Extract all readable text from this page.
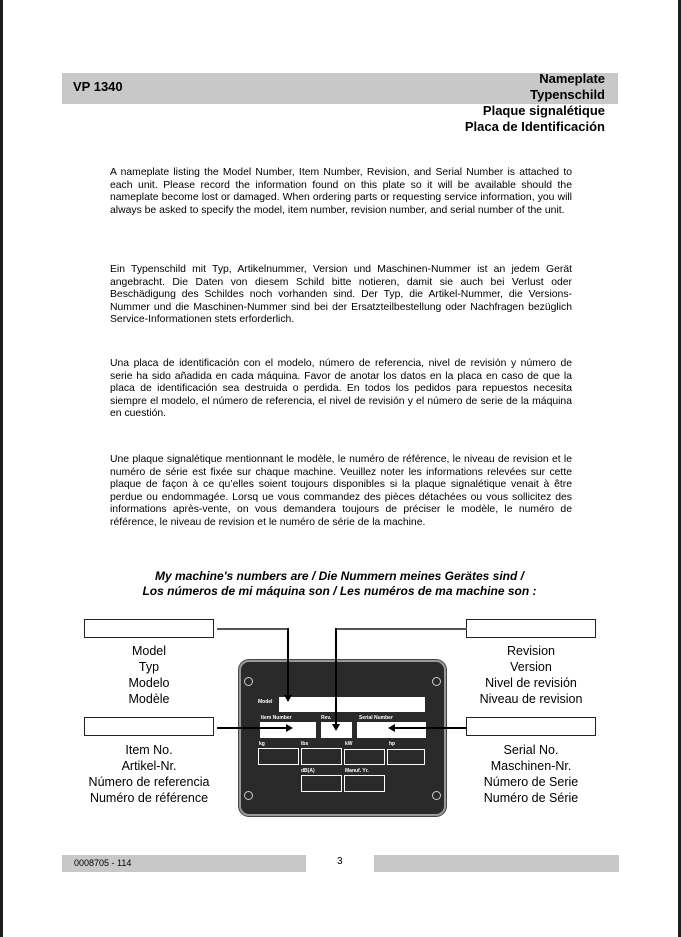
VP 1340
Nameplate
Typenschild
Plaque signalétique
Placa de Identificación

A nameplate listing the Model Number, Item Number, Revision, and Serial Number is attached to each unit. Please record the information found on this plate so it will be available should the nameplate become lost or damaged. When ordering parts or requesting service information, you will always be asked to specify the model, item number, revision number, and serial number of the unit.

Ein Typenschild mit Typ, Artikelnummer, Version und Maschinen-Nummer ist an jedem Gerät angebracht. Die Daten von diesem Schild bitte notieren, damit sie auch bei Verlust oder Beschädigung des Schildes noch vorhanden sind. Der Typ, die Artikel-Nummer, die Versions- Nummer und die Maschinen-Nummer sind bei der Ersatzteilbestellung oder Nachfragen bezüglich Service-Informationen stets erforderlich.

Una placa de identificación con el modelo, número de referencia, nivel de revisión y número de serie ha sido añadida en cada máquina. Favor de anotar los datos en la placa en caso de que la placa de identificación sea destruida o perdida. En todos los pedidos para repuestos necesita siempre el modelo, el número de referencia, el nivel de revisión y el número de serie de la máquina en cuestión.

Une plaque signalétique mentionnant le modèle, le numéro de référence, le niveau de revision et le numéro de série est fixée sur chaque machine. Veuillez noter les informations relevées sur cette plaque de façon à ce qu’elles soient toujours disponibles si la plaque signalétique venait à être perdue ou endommagée. Lorsq ue vous commandez des pièces détachées ou vous sollicitez des informations après-vente, on vous demandera toujours de préciser le modèle, le numéro de référence, le niveau de revision et le numéro de série de la machine.

My machine's numbers are / Die Nummern meines Gerätes sind /
Los números de mi máquina son / Les numéros de ma machine son :
Model
Typ
Modelo
Modèle
Item No.
Artikel-Nr.
Número de referencia
Numéro de référence
Revision
Version
Nivel de revisión
Niveau de revision
Serial No.
Maschinen-Nr.
Número de Serie
Numéro de Série
Model
Item Number	Rev.	Serial Number
kg	lbs	kW	hp
dB(A)	Manuf. Yr.
0008705 - 114	3
